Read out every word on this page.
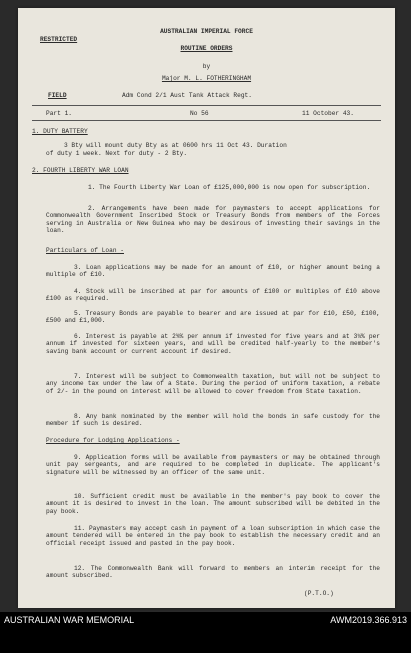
RESTRICTED
AUSTRALIAN IMPERIAL FORCE
ROUTINE ORDERS
by
Major M. L. FOTHERINGHAM
FIELD	Adm Cond 2/1 Aust Tank Attack Regt.
Part 1.	No 56	11 October 43.
1. DUTY BATTERY
3 Bty will mount duty Bty as at 0600 hrs 11 Oct 43. Duration
of duty 1 week. Next for duty - 2 Bty.
2. FOURTH LIBERTY WAR LOAN
1. The Fourth Liberty War Loan of £125,000,000 is now open for subscription.
2. Arrangements have been made for paymasters to accept applications for Commonwealth Government Inscribed Stock or Treasury Bonds from members of the Forces serving in Australia or New Guinea who may be desirous of investing their savings in the loan.
Particulars of Loan -
3. Loan applications may be made for an amount of £10, or higher amount being a multiple of £10.
4. Stock will be inscribed at par for amounts of £100 or multiples of £10 above £100 as required.
5. Treasury Bonds are payable to bearer and are issued at par for £10, £50, £100, £500 and £1,000.
6. Interest is payable at 2¾% per annum if invested for five years and at 3¼% per annum if invested for sixteen years, and will be credited half-yearly to the member's saving bank account or current account if desired.
7. Interest will be subject to Commonwealth taxation, but will not be subject to any income tax under the law of a State. During the period of uniform taxation, a rebate of 2/- in the pound on interest will be allowed to cover freedom from State taxation.
8. Any bank nominated by the member will hold the bonds in safe custody for the member if such is desired.
Procedure for Lodging Applications -
9. Application forms will be available from paymasters or may be obtained through unit pay sergeants, and are required to be completed in duplicate. The applicant's signature will be witnessed by an officer of the same unit.
10. Sufficient credit must be available in the member's pay book to cover the amount it is desired to invest in the loan. The amount subscribed will be debited in the pay book.
11. Paymasters may accept cash in payment of a loan subscription in which case the amount tendered will be entered in the pay book to establish the necessary credit and an official receipt issued and pasted in the pay book.
12. The Commonwealth Bank will forward to members an interim receipt for the amount subscribed.
(P.T.O.)
AUSTRALIAN WAR MEMORIAL	AWM2019.366.913
